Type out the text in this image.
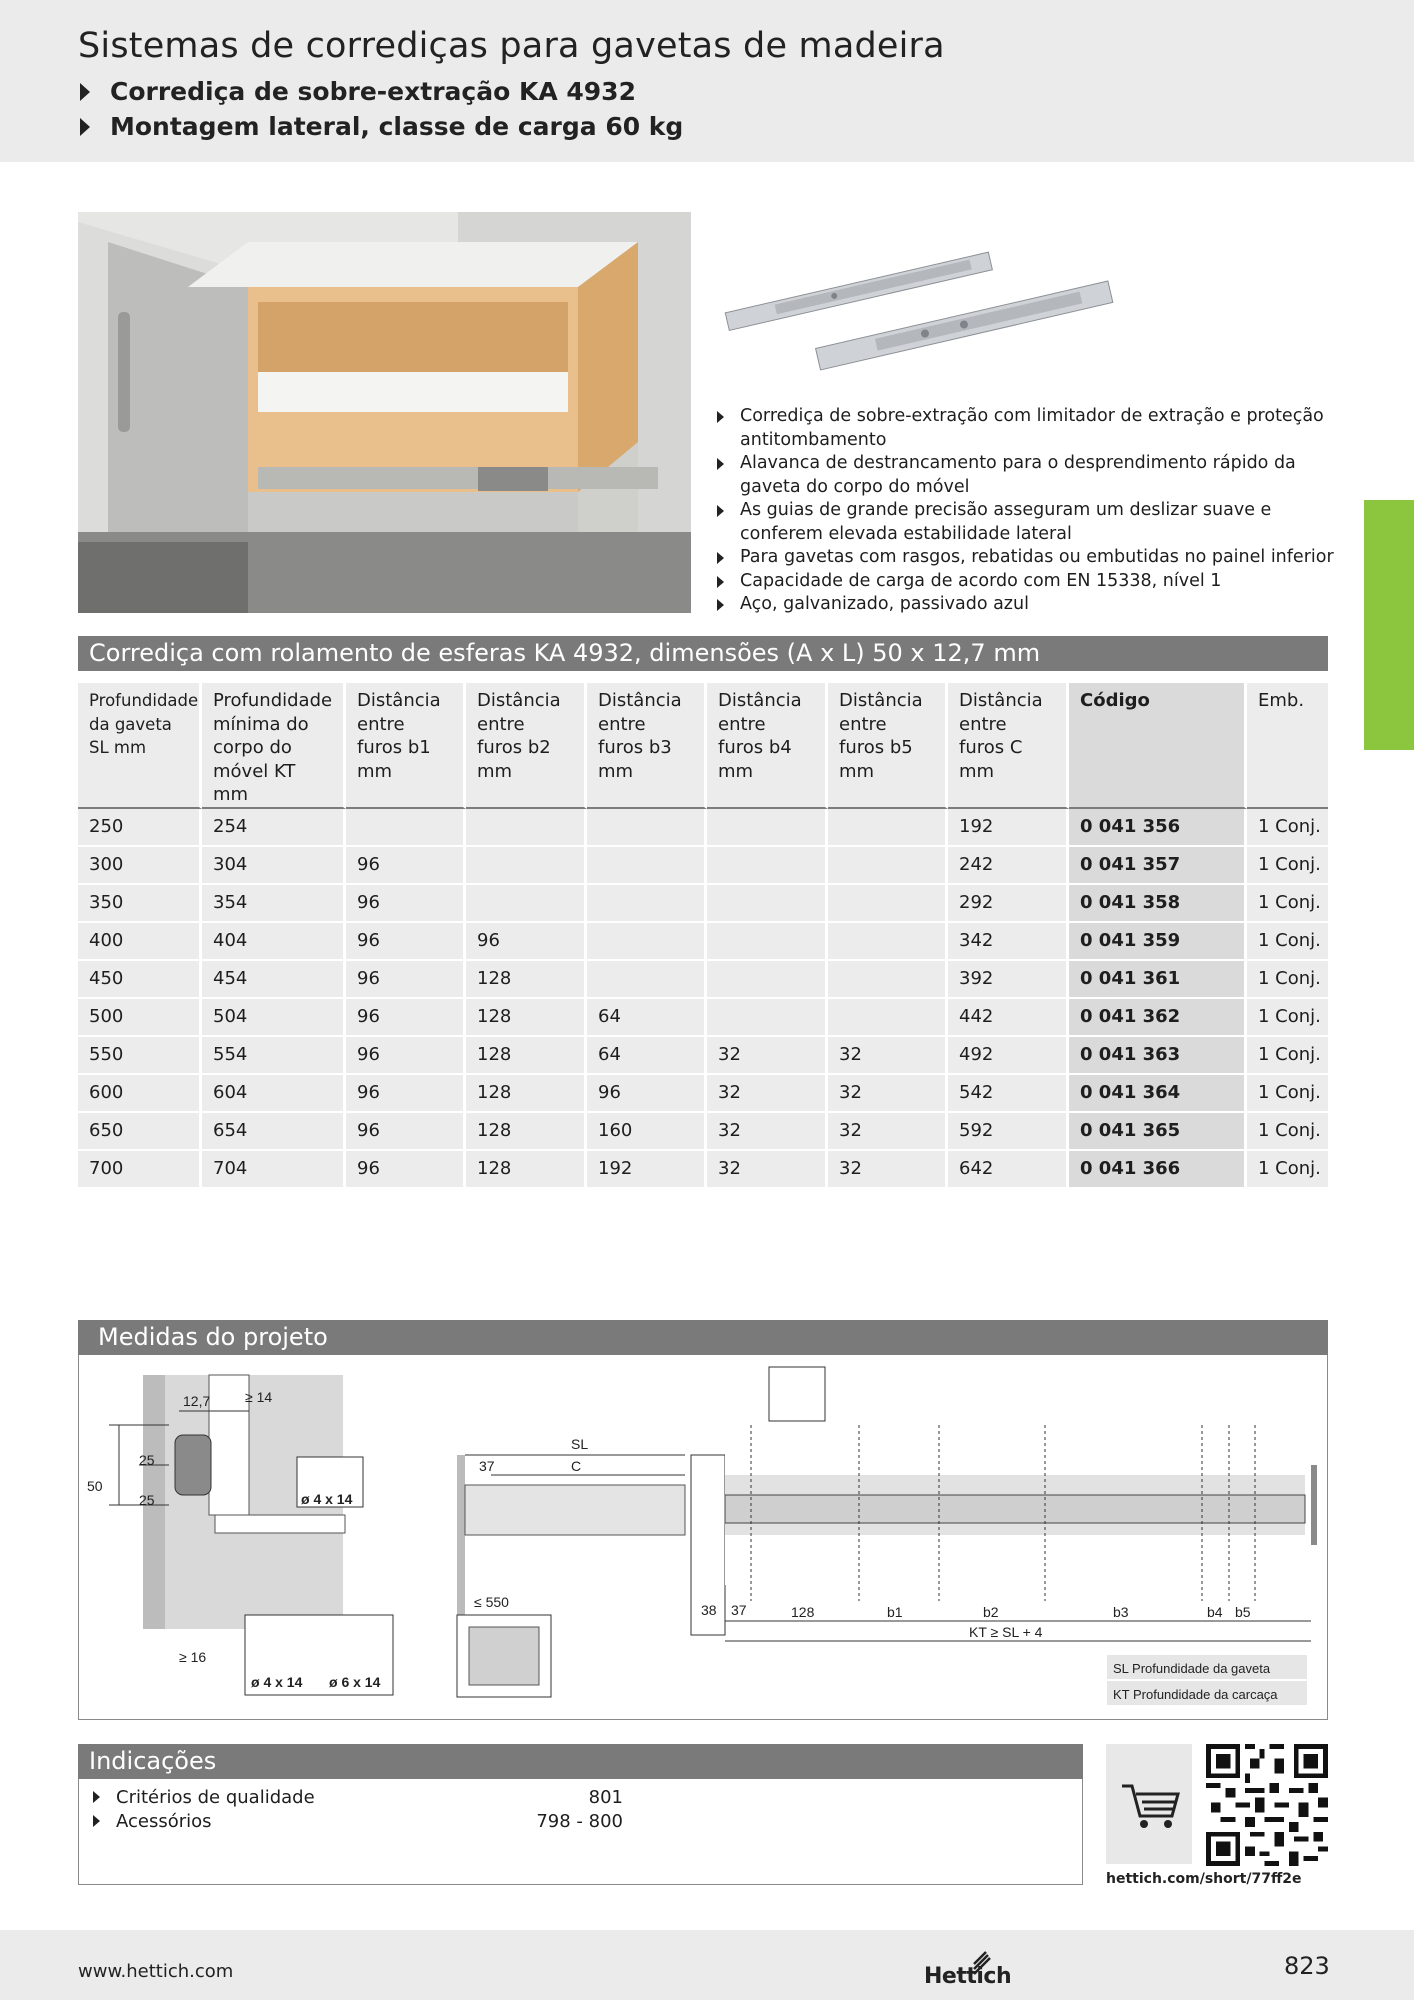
Sistemas de corrediças para gavetas de madeira
Corrediça de sobre-extração KA 4932
Montagem lateral, classe de carga 60 kg
Corrediça de sobre-extração com limitador de extração e proteção antitombamento
Alavanca de destrancamento para o desprendimento rápido da gaveta do corpo do móvel
As guias de grande precisão asseguram um deslizar suave e conferem elevada estabilidade lateral
Para gavetas com rasgos, rebatidas ou embutidas no painel inferior
Capacidade de carga de acordo com EN 15338, nível 1
Aço, galvanizado, passivado azul
Corrediça com rolamento de esferas KA 4932, dimensões (A x L) 50 x 12,7 mm
Profundidade da gaveta SL mm	Profundidade mínima do corpo do móvel KT mm	Distância entre furos b1 mm	Distância entre furos b2 mm	Distância entre furos b3 mm	Distância entre furos b4 mm	Distância entre furos b5 mm	Distância entre furos C mm	Código	Emb.
250	254						192	0 041 356	1 Conj.
300	304	96					242	0 041 357	1 Conj.
350	354	96					292	0 041 358	1 Conj.
400	404	96	96				342	0 041 359	1 Conj.
450	454	96	128				392	0 041 361	1 Conj.
500	504	96	128	64			442	0 041 362	1 Conj.
550	554	96	128	64	32	32	492	0 041 363	1 Conj.
600	604	96	128	96	32	32	542	0 041 364	1 Conj.
650	654	96	128	160	32	32	592	0 041 365	1 Conj.
700	704	96	128	192	32	32	642	0 041 366	1 Conj.
Medidas do projeto
50
25
25
12,7 ≥ 14
ø 4 x 14
≥ 16
ø 4 x 14 ø 6 x 14
SL
C
37
≤ 550	38 37	128	b1	b2	b3	b4 b5
KT ≥ SL + 4
SL Profundidade da gaveta
KT Profundidade da carcaça
Indicações
Critérios de qualidade	801
Acessórios	798 - 800
hettich.com/short/77ff2e
www.hettich.com	Hettich	823
